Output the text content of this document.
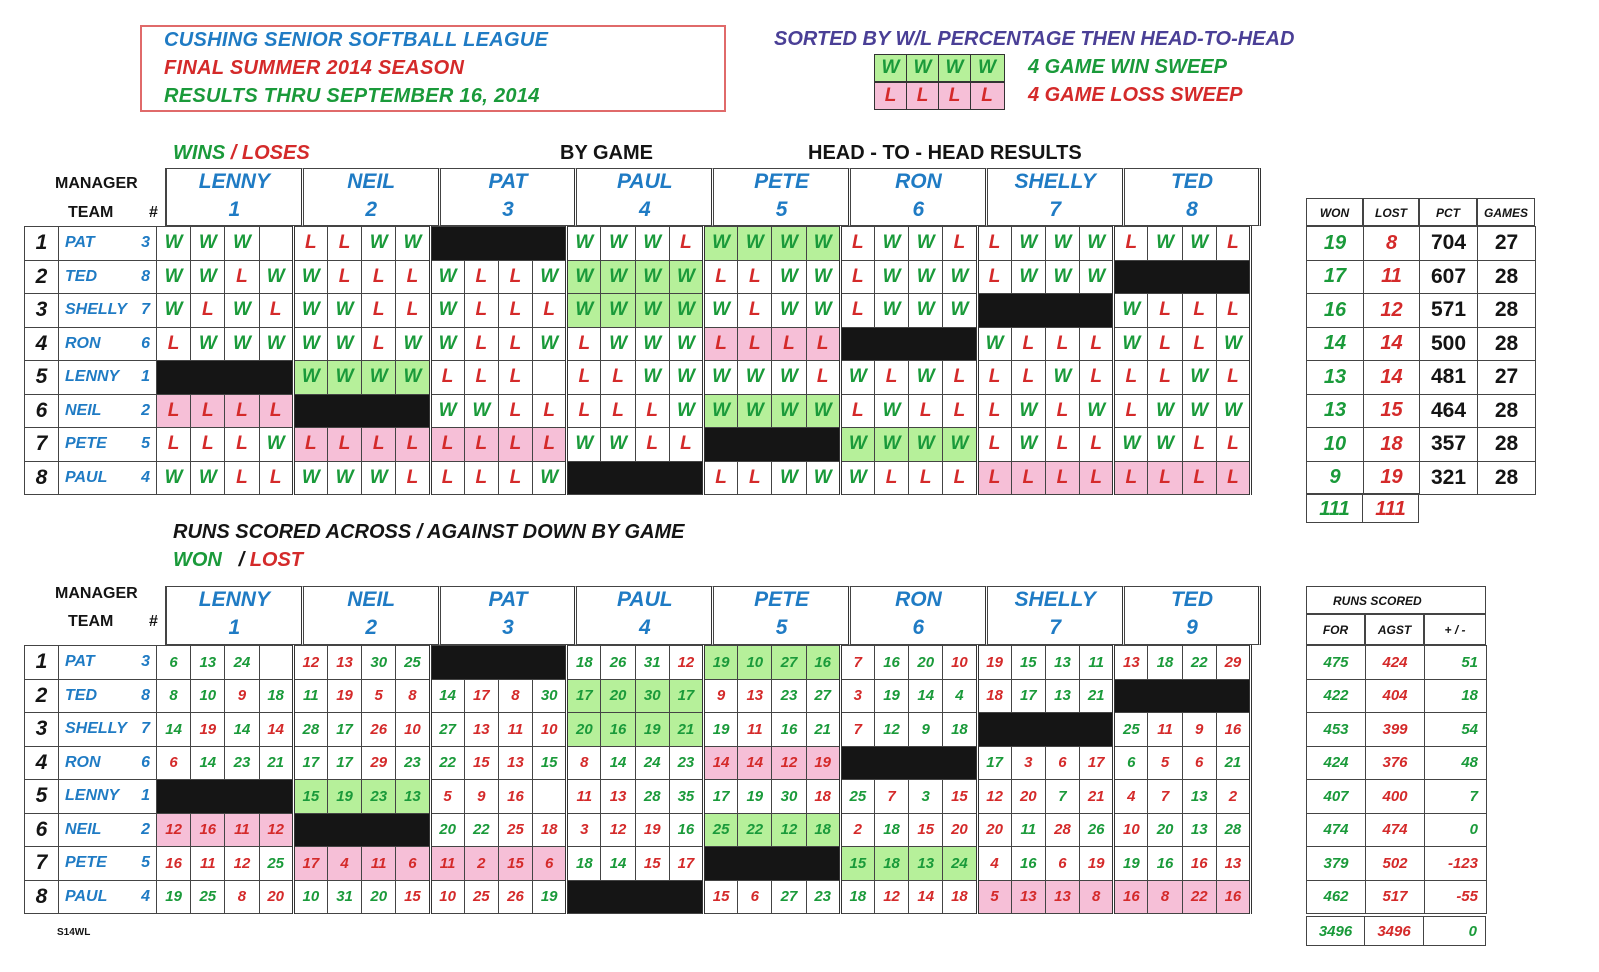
CUSHING SENIOR SOFTBALL LEAGUE
FINAL SUMMER 2014 SEASON
RESULTS THRU SEPTEMBER 16, 2014
SORTED BY W/L PERCENTAGE THEN HEAD-TO-HEAD
W W W W	4 GAME WIN SWEEP
L	L	L	L	4 GAME LOSS SWEEP
WINS / LOSES	BY GAME	HEAD - TO - HEAD RESULTS
MANAGER
TEAM #
LENNY
1
NEIL
2
PAT
3
PAUL
4
PETE
5
RON
6
SHELLY
7
TED
8	WON	LOST	PCT	GAMES
1	PAT	3	W	W	W		L	L	W	W					W	W	W	L	W	W	W	W	L	W	W	L	L	W	W	W	L	W	W	L
2	TED	8	W	W	L	W	W	L	L	L	W	L	L	W	W	W	W	W	L	L	W	W	L	W	W	W	L	W	W	W				
3	SHELLY	7	W	L	W	L	W	W	L	L	W	L	L	L	W	W	W	W	W	L	W	W	L	W	W	W					W	L	L	L
4	RON	6	L	W	W	W	W	W	L	W	W	L	L	W	L	W	W	W	L	L	L	L					W	L	L	L	W	L	L	W
5	LENNY	1					W	W	W	W	L	L	L		L	L	W	W	W	W	W	L	W	L	W	L	L	L	W	L	L	L	W	L
6	NEIL	2	L	L	L	L					W	W	L	L	L	L	L	W	W	W	W	W	L	W	L	L	L	W	L	W	L	W	W	W
7	PETE	5	L	L	L	W	L	L	L	L	L	L	L	L	W	W	L	L					W	W	W	W	L	W	L	L	W	W	L	L
8	PAUL	4	W	W	L	L	W	W	W	L	L	L	L	W					L	L	W	W	W	L	L	L	L	L	L	L	L	L	L	L
19	8	704	27
17	11	607	28
16	12	571	28
14	14	500	28
13	14	481	27
13	15	464	28
10	18	357	28
9	19	321	28
111	111
RUNS SCORED ACROSS / AGAINST DOWN BY GAME
WON / LOST
MANAGER
TEAM #
LENNY
1
NEIL
2
PAT
3
PAUL
4
PETE
5
RON
6
SHELLY
7
TED
9
RUNS SCORED
FOR	AGST	+ / -
1	PAT	3	6	13	24		12	13	30	25					18	26	31	12	19	10	27	16	7	16	20	10	19	15	13	11	13	18	22	29
2	TED	8	8	10	9	18	11	19	5	8	14	17	8	30	17	20	30	17	9	13	23	27	3	19	14	4	18	17	13	21				
3	SHELLY	7	14	19	14	14	28	17	26	10	27	13	11	10	20	16	19	21	19	11	16	21	7	12	9	18					25	11	9	16
4	RON	6	6	14	23	21	17	17	29	23	22	15	13	15	8	14	24	23	14	14	12	19					17	3	6	17	6	5	6	21
5	LENNY	1					15	19	23	13	5	9	16		11	13	28	35	17	19	30	18	25	7	3	15	12	20	7	21	4	7	13	2
6	NEIL	2	12	16	11	12					20	22	25	18	3	12	19	16	25	22	12	18	2	18	15	20	20	11	28	26	10	20	13	28
7	PETE	5	16	11	12	25	17	4	11	6	11	2	15	6	18	14	15	17					15	18	13	24	4	16	6	19	19	16	16	13
8	PAUL	4	19	25	8	20	10	31	20	15	10	25	26	19					15	6	27	23	18	12	14	18	5	13	13	8	16	8	22	16
475	424	51
422	404	18
453	399	54
424	376	48
407	400	7
474	474	0
379	502	-123
462	517	-55
3496	3496	0
S14WL
